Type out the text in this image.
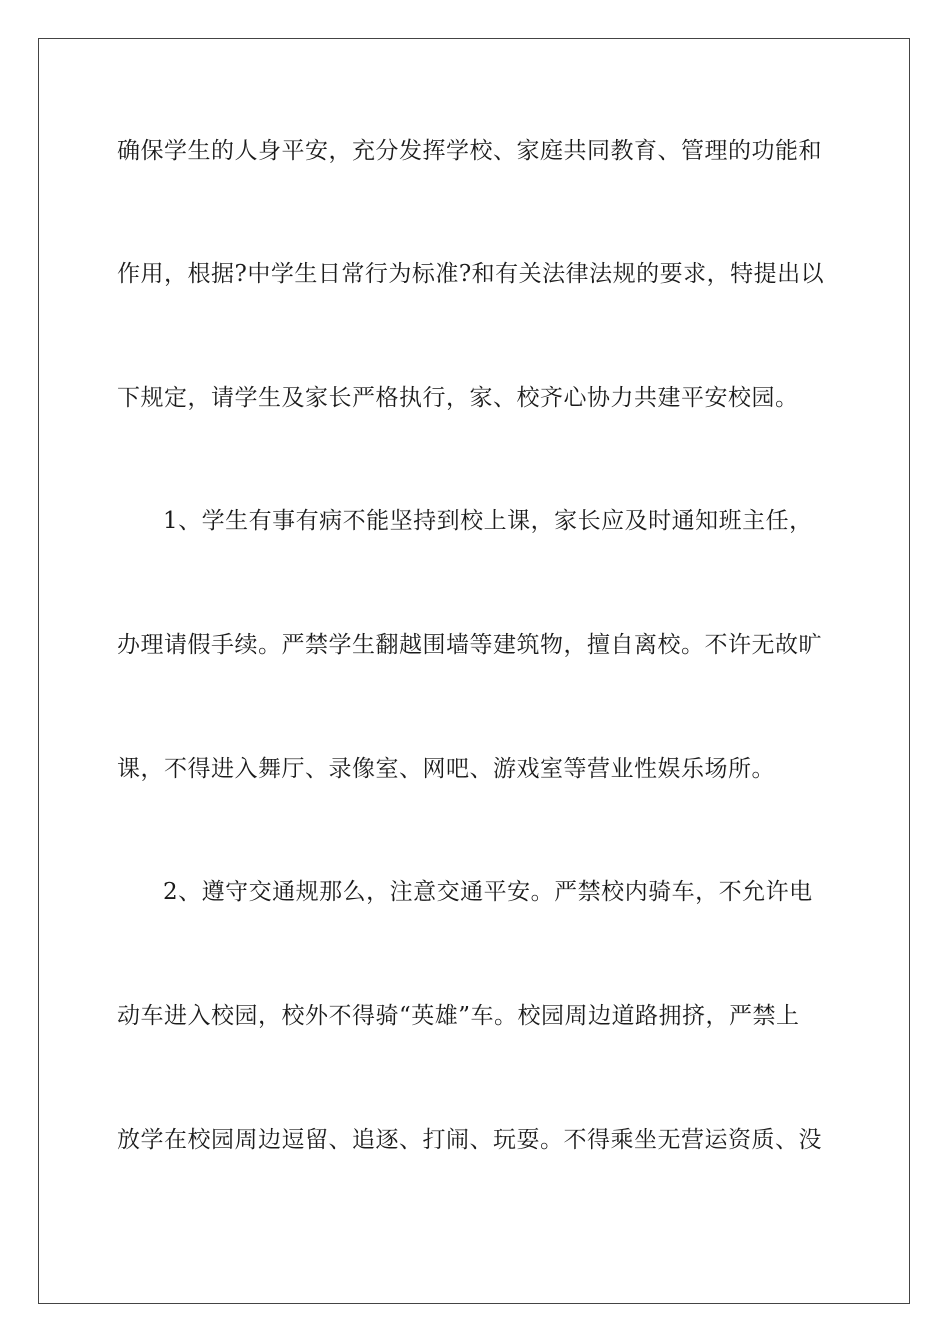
确保学生的人身平安，充分发挥学校、家庭共同教育、管理的功能和
作用，根据?中学生日常行为标准?和有关法律法规的要求，特提出以
下规定，请学生及家长严格执行，家、校齐心协力共建平安校园。
1、学生有事有病不能坚持到校上课，家长应及时通知班主任，
办理请假手续。严禁学生翻越围墙等建筑物，擅自离校。不许无故旷
课，不得进入舞厅、录像室、网吧、游戏室等营业性娱乐场所。
2、遵守交通规那么，注意交通平安。严禁校内骑车，不允许电
动车进入校园，校外不得骑“英雄”车。校园周边道路拥挤，严禁上
放学在校园周边逗留、追逐、打闹、玩耍。不得乘坐无营运资质、没
